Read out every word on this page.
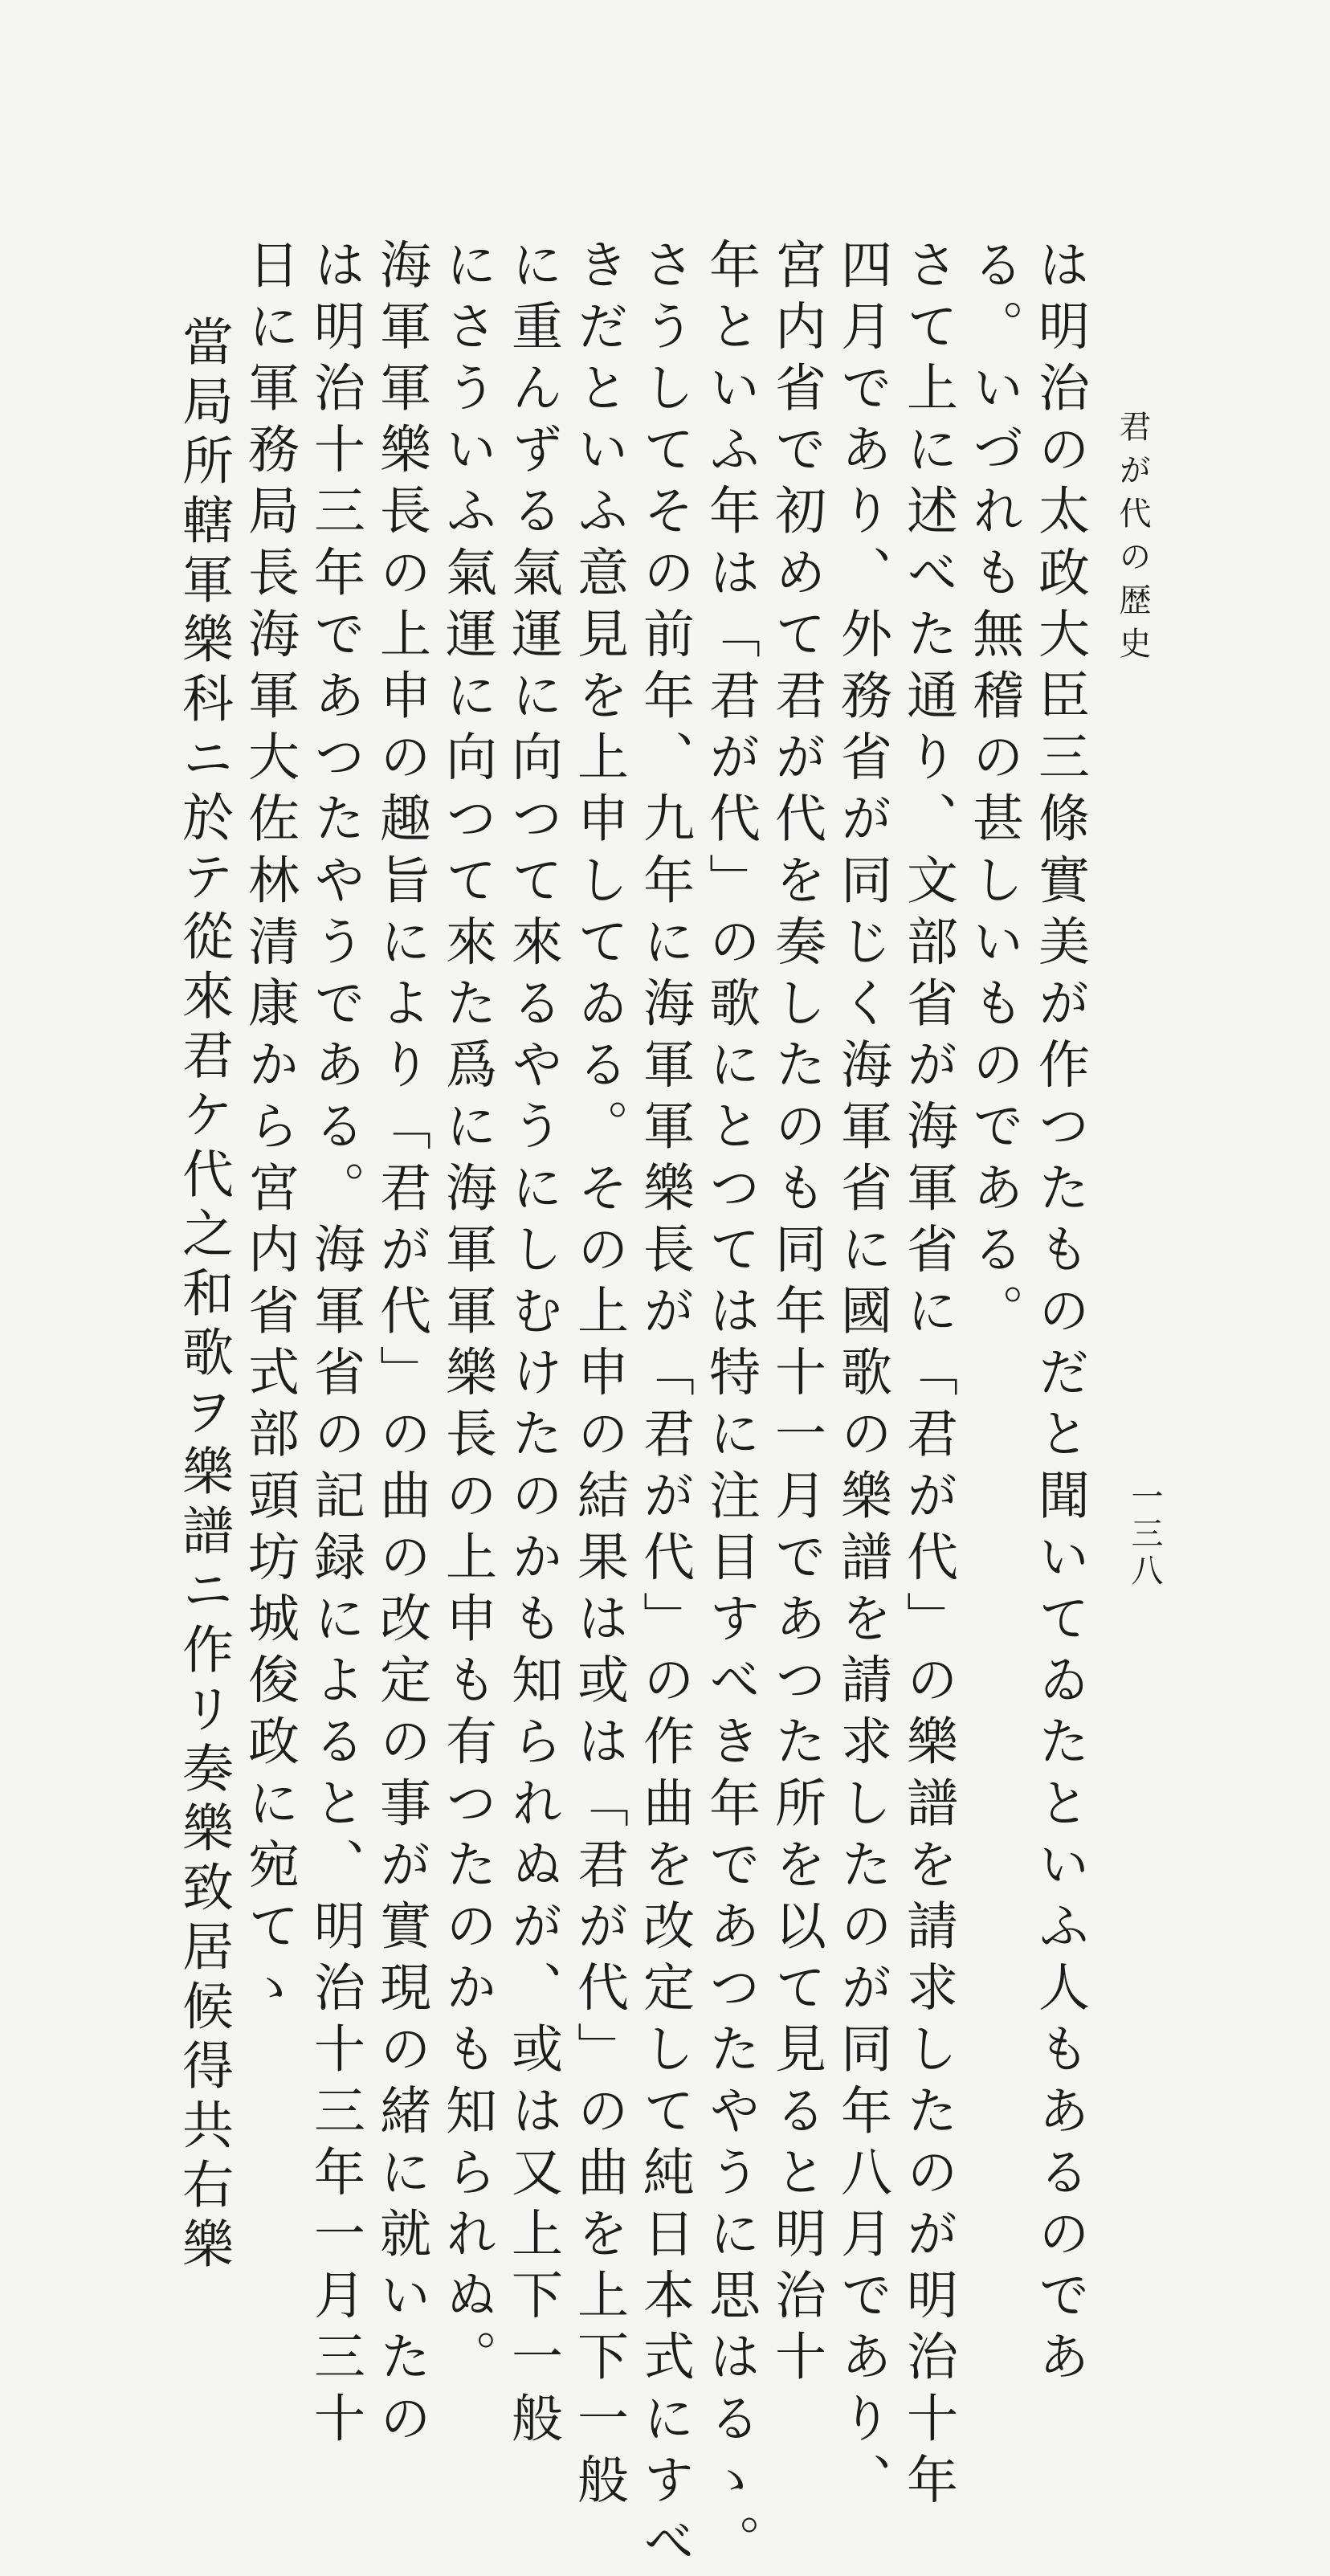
君が代の歴史
一三八
は明治の太政大臣三條實美が作つたものだと聞いてゐたといふ人もあるのであ
る。いづれも無稽の甚しいものである。
さて上に述べた通り、文部省が海軍省に「君が代」の樂譜を請求したのが明治十年
四月であり、外務省が同じく海軍省に國歌の樂譜を請求したのが同年八月であり、
宮内省で初めて君が代を奏したのも同年十一月であつた所を以て見ると明治十
年といふ年は「君が代」の歌にとつては特に注目すべき年であつたやうに思はるゝ。
さうしてその前年、九年に海軍軍樂長が「君が代」の作曲を改定して純日本式にすべ
きだといふ意見を上申してゐる。その上申の結果は或は「君が代」の曲を上下一般
に重んずる氣運に向つて來るやうにしむけたのかも知られぬが、或は又上下一般
にさういふ氣運に向つて來た爲に海軍軍樂長の上申も有つたのかも知られぬ。
海軍軍樂長の上申の趣旨により「君が代」の曲の改定の事が實現の緒に就いたの
は明治十三年であつたやうである。海軍省の記録によると、明治十三年一月三十
日に軍務局長海軍大佐林清康から宮内省式部頭坊城俊政に宛てゝ
當局所轄軍樂科ニ於テ從來君ケ代之和歌ヲ樂譜ニ作リ奏樂致居候得共右樂
